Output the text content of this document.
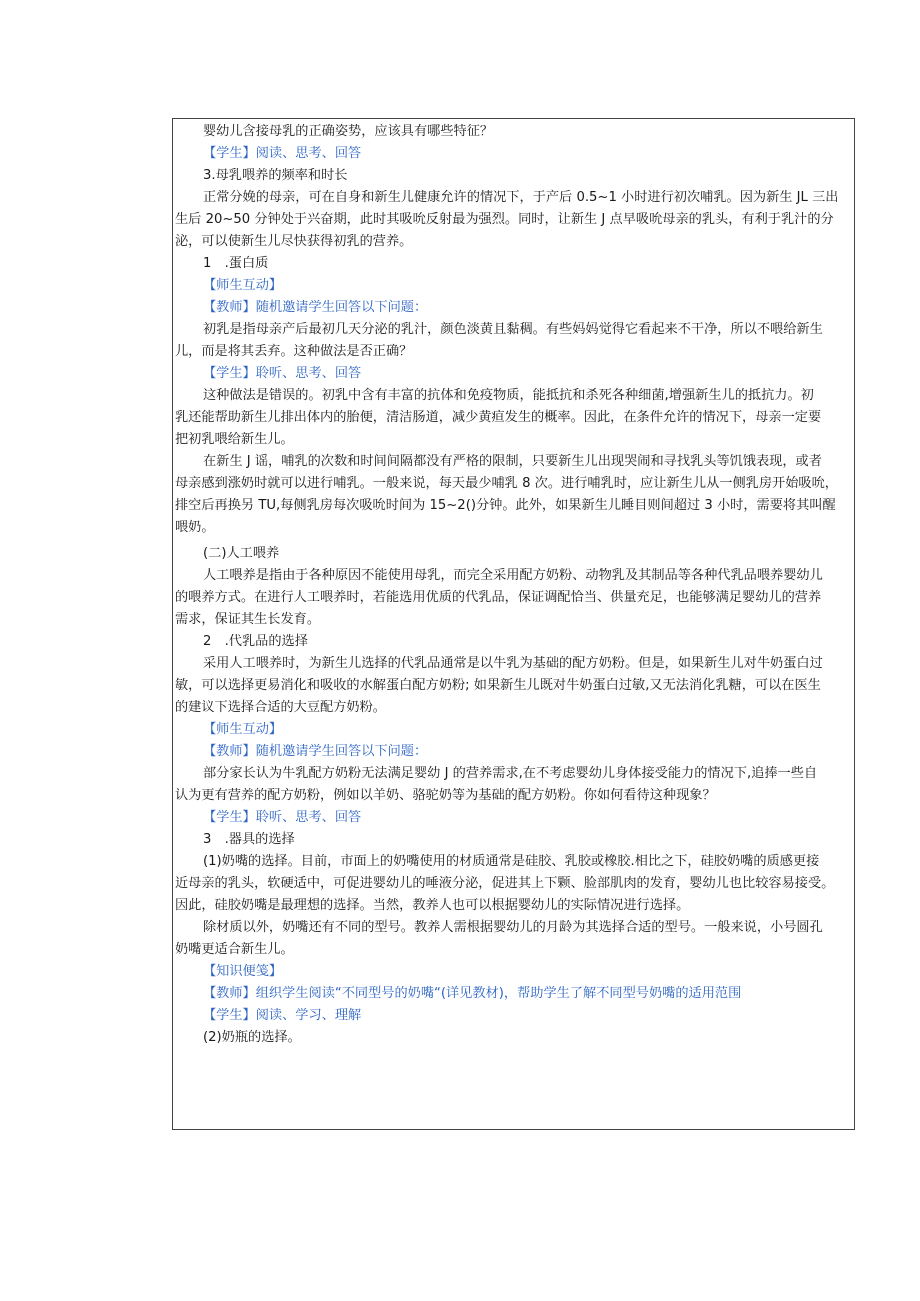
婴幼儿含接母乳的正确姿势，应该具有哪些特征？
【学生】阅读、思考、回答
3.母乳喂养的频率和时长
正常分娩的母亲，可在自身和新生儿健康允许的情况下，于产后 0.5~1 小时进行初次哺乳。因为新生 JL 三出
生后 20~50 分钟处于兴奋期，此时其吸吮反射最为强烈。同时，让新生 J 点早吸吮母亲的乳头，有利于乳汁的分
泌，可以使新生儿尽快获得初乳的营养。
1　.蛋白质
【师生互动】
【教师】随机邀请学生回答以下问题：
初乳是指母亲产后最初几天分泌的乳汁，颜色淡黄且黏稠。有些妈妈觉得它看起来不干净，所以不喂给新生
儿，而是将其丢弃。这种做法是否正确？
【学生】聆听、思考、回答
这种做法是错误的。初乳中含有丰富的抗体和免疫物质，能抵抗和杀死各种细菌,增强新生儿的抵抗力。初
乳还能帮助新生儿排出体内的胎便，清洁肠道，减少黄疸发生的概率。因此，在条件允许的情况下，母亲一定要
把初乳喂给新生儿。
在新生 J 谣，哺乳的次数和时间间隔都没有严格的限制，只要新生儿出现哭闹和寻找乳头等饥饿表现，或者
母亲感到涨奶时就可以进行哺乳。一般来说，每天最少哺乳 8 次。进行哺乳时，应让新生儿从一侧乳房开始吸吮，
排空后再换另 TU,每侧乳房每次吸吮时间为 15~2()分钟。此外，如果新生儿睡目则间超过 3 小时，需要将其叫醒
喂奶。
(二)人工喂养
人工喂养是指由于各种原因不能使用母乳，而完全采用配方奶粉、动物乳及其制品等各种代乳品喂养婴幼儿
的喂养方式。在进行人工喂养时，若能选用优质的代乳品，保证调配恰当、供量充足，也能够满足婴幼儿的营养
需求，保证其生长发育。
2　.代乳品的选择
采用人工喂养时，为新生儿选择的代乳品通常是以牛乳为基础的配方奶粉。但是，如果新生儿对牛奶蛋白过
敏，可以选择更易消化和吸收的水解蛋白配方奶粉; 如果新生儿既对牛奶蛋白过敏,又无法消化乳糖，可以在医生
的建议下选择合适的大豆配方奶粉。
【师生互动】
【教师】随机邀请学生回答以下问题：
部分家长认为牛乳配方奶粉无法满足婴幼 J 的营养需求,在不考虑婴幼儿身体接受能力的情况下,追捧一些自
认为更有营养的配方奶粉，例如以羊奶、骆驼奶等为基础的配方奶粉。你如何看待这种现象？
【学生】聆听、思考、回答
3　.器具的选择
(1)奶嘴的选择。目前，市面上的奶嘴使用的材质通常是硅胶、乳胶或橡胶.相比之下，硅胶奶嘴的质感更接
近母亲的乳头，软硬适中，可促进婴幼儿的唾液分泌，促进其上下颗、脸部肌肉的发育，婴幼儿也比较容易接受。
因此，硅胶奶嘴是最理想的选择。当然，教养人也可以根据婴幼儿的实际情况进行选择。
除材质以外，奶嘴还有不同的型号。教养人需根据婴幼儿的月龄为其选择合适的型号。一般来说，小号圆孔
奶嘴更适合新生儿。
【知识便笺】
【教师】组织学生阅读“不同型号的奶嘴“(详见教材)，帮助学生了解不同型号奶嘴的适用范围
【学生】阅读、学习、理解
(2)奶瓶的选择。
